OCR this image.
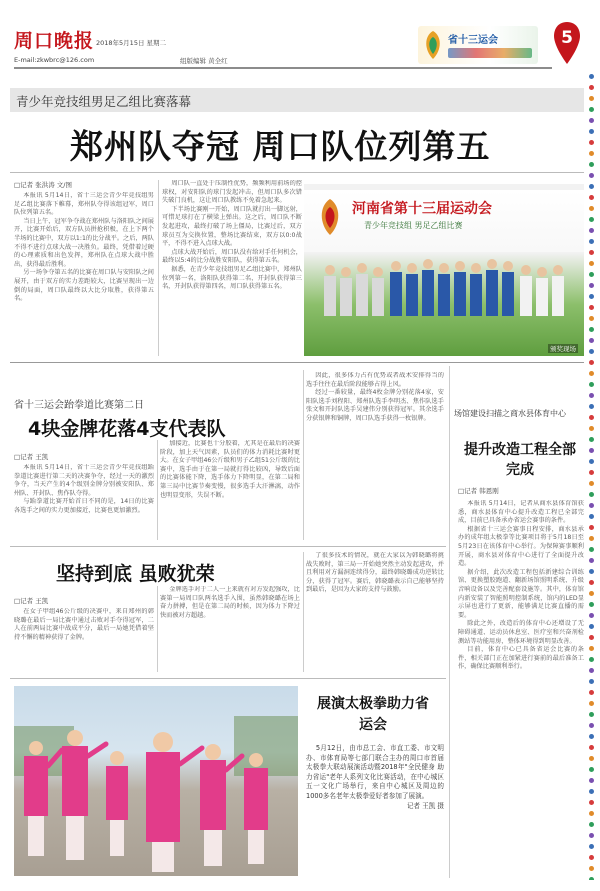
周口晚报 2018年5月15日 星期二
组版编辑 黄全红
E-mail:zkwbrc@126.com
省十三运会	5
青少年竞技组男足乙组比赛落幕
郑州队夺冠 周口队位列第五
□记者 张洪涛 文/图

本报讯 5月14日，省十三运会青少年竞技组男足乙组比赛落下帷幕，郑州队夺得该组冠军，周口队位列第五名。

当日上午，冠军争夺战在郑州队与洛阳队之间展开，比赛开始后，双方队员拼抢积极，在上下两个半场的比赛中，双方以1:1的比分战平。之后，两队不得不进行点球大战一决胜负。最终，凭借着过硬的心理素质和出色发挥，郑州队在点球大战中胜出，获得最后胜利。

另一场争夺第五名的比赛在周口队与安阳队之间展开，由于双方的实力差距较大，比赛呈现出一边倒的局面，周口队最终以大比分取胜，获得第五名。

周口队一直处于压制性优势，频频利用前场的控球权，对安阳队的球门发起冲击，但周口队多次错失破门良机，这让周口队教练不免着急起来。

下半场比赛刚一开始，周口队就打出一脚远射，可惜足球打在了横梁上弹出。这之后，周口队不断发起进攻，最终打破了场上僵局，比赛过后，双方球员互为交换位置，整场比赛结束，双方以0:0战平，不得不进入点球大战。

点球大战开始后，周口队没有给对手任何机会，最终以5:4的比分战胜安阳队，获得第五名。

据悉，在青少年竞技组男足乙组比赛中，郑州队位列第一名，洛阳队获得第二名，开封队获得第三名，开封队获得第四名，周口队获得第五名。

河南省第十三届运动会
青少年竞技组 男足乙组比赛
颁奖现场
省十三运会跆拳道比赛第二日
4块金牌花落4支代表队
□记者 王凯

本报讯 5月14日，省十三运会青少年竞技组跆拳道比赛进行第二天的决赛争夺，经过一天的激烈争夺，当天产生的4个级别金牌分别被安阳队、郑州队、开封队、焦作队夺得。

与跆拳道比赛开始首日不同的是，14日的比赛各选手之间的实力更加接近，比赛也更加激烈。

加接近，比赛也十分胶着，尤其是在最后的决赛阶段，加上天气因素，队员们的体力消耗比赛时更大。在女子甲组46公斤级和男子乙组51公斤级的比赛中，选手由于在第一局就打得比较凶，导致后面的比赛体能下降，选手体力下降明显，在第二局和第三局中比赛节奏变慢，很多选手大汗淋漓，动作也明显变形，失误不断。

因此，很多体力占有优势或者战术安排得当的选手往往在最后阶段能够占得上风。

经过一番较量，最终4枚金牌分别花落4家，安阳队选手刘程阳、郑州队选手李明杰、焦作队选手张文和开封队选手吴建伟分别获得冠军。其余选手分获银牌和铜牌，周口队选手获得一枚银牌。

坚持到底 虽败犹荣
□记者 王凯

在女子甲组46公斤级的决赛中，来自郑州的韩晓璐在最后一局比赛中通过击败对手夺得冠军，二人在前两局比赛中战成平分，最后一局她凭借着坚持不懈的精神获得了金牌。

金牌选手对于二人一上来就有对方发起强攻，比赛第一局周口队两名选手入围，虽然韩晓璐在场上奋力拼搏，但是在第二局的时候，因为体力下降过快而被对方超越。

了很多技术的情况，就在大家以为韩晓璐将挑战失败时，第三局一开始她突然主动发起进攻，并且利用对方漏洞连续得分，最终韩晓璐成功逆转比分，获得了冠军。赛后，韩晓璐表示自己能够坚持到最后，是因为大家的支持与鼓励。

场馆建设扫描之商水县体育中心
提升改造工程全部完成
□记者 韩恩刚

本报讯 5月14日，记者从商水县体育馆获悉，商水县体育中心提升改造工程已全部完成，目前已具备承办省运会赛事的条件。

根据省十三运会赛事日程安排，商水县承办的成年组太极拳等比赛项目将于5月18日至5月23日在该体育中心举行。为保障赛事顺利开展，商水县对体育中心进行了全面提升改造。

据介绍，此次改造工程包括新建综合训练馆、更换塑胶跑道、翻新场馆照明系统、升级音响设备以及完善配套设施等。其中，体育馆内新安装了智能照明控制系统，馆内的LED显示屏也进行了更新，能够满足比赛直播的需要。

除此之外，改造后的体育中心还增设了无障碍通道、运动员休息室、医疗室和兴奋剂检测站等功能用房，整体环境得到明显改善。

目前，体育中心已具备省运会比赛的条件，相关部门正在加紧进行赛前的最后准备工作，确保比赛顺利举行。

展演太极拳助力省运会

5月12日，由市总工会、市直工委、市文明办、市体育局等七部门联合主办的周口市首届太极拳大联动展演活动暨2018年"全民健身 助力省运"老年人系列文化比赛活动，在中心城区五一文化广场举行，来自中心城区及周边的1000多名老年太极拳爱好者参加了展演。

记者 王凯 摄
